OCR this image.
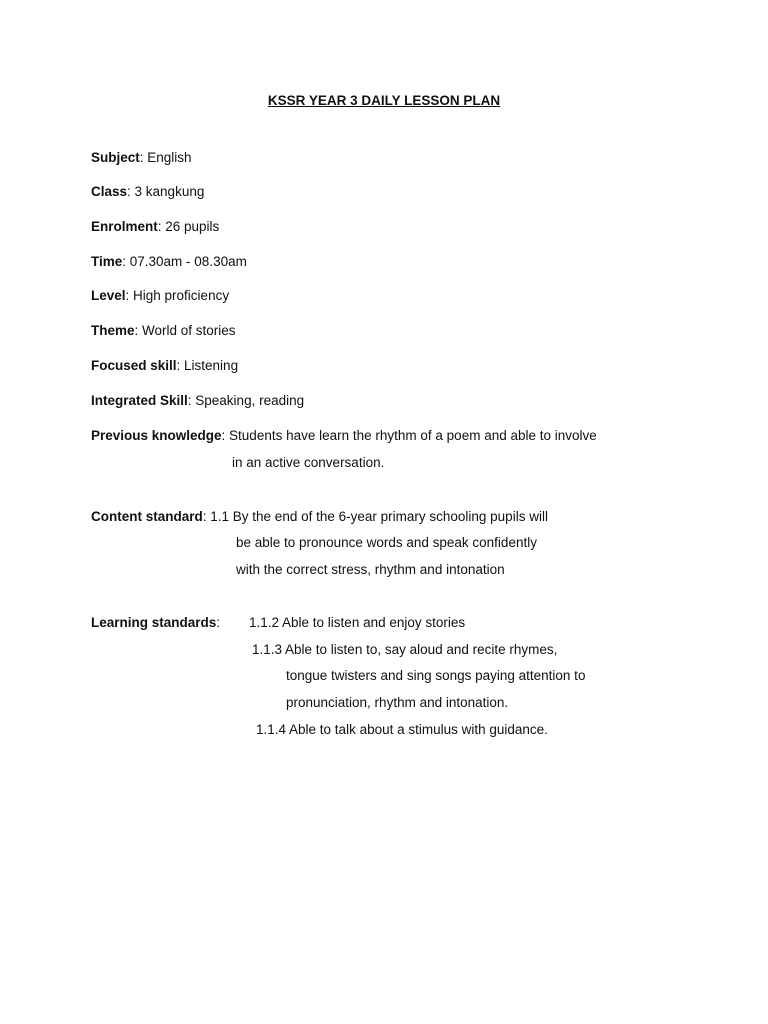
KSSR YEAR 3 DAILY LESSON PLAN
Subject: English
Class: 3 kangkung
Enrolment: 26 pupils
Time: 07.30am - 08.30am
Level: High proficiency
Theme: World of stories
Focused skill: Listening
Integrated Skill: Speaking, reading
Previous knowledge: Students have learn the rhythm of a poem and able to involve
in an active conversation.
Content standard: 1.1 By the end of the 6-year primary schooling pupils will
be able to pronounce words and speak confidently
with the correct stress, rhythm and intonation
Learning standards: 1.1.2 Able to listen and enjoy stories
1.1.3 Able to listen to, say aloud and recite rhymes,
tongue twisters and sing songs paying attention to
pronunciation, rhythm and intonation.
1.1.4 Able to talk about a stimulus with guidance.
